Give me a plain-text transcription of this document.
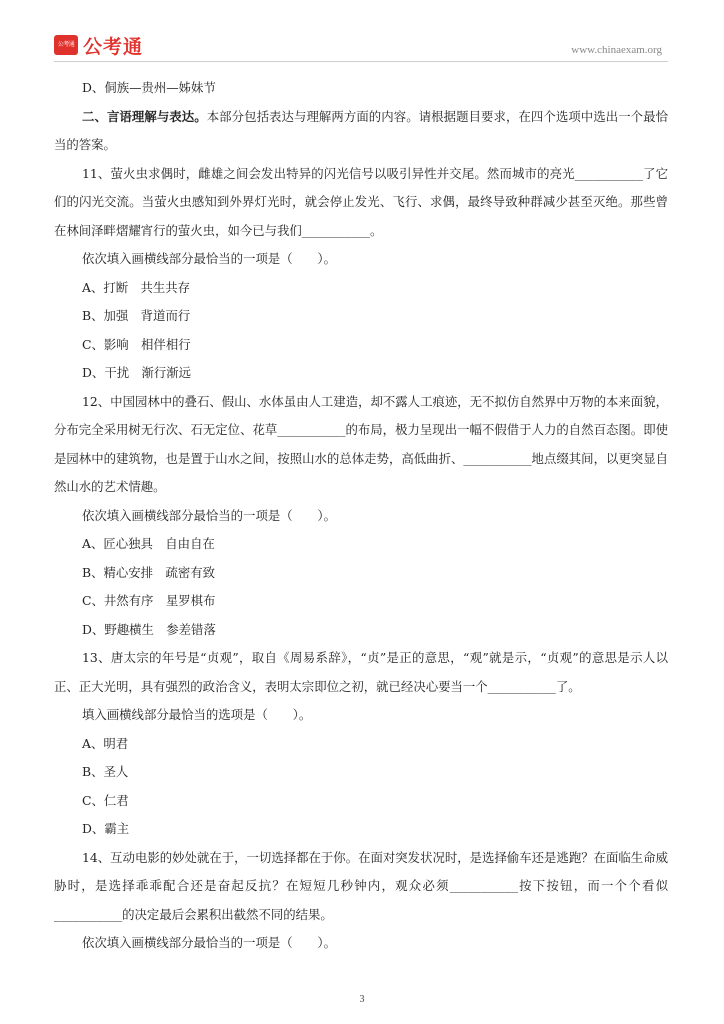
公考通 公考通	www.chinaexam.org

D、侗族—贵州—姊妹节

二、言语理解与表达。本部分包括表达与理解两方面的内容。请根据题目要求，在四个选项中选出一个最恰当的答案。

11、萤火虫求偶时，雌雄之间会发出特异的闪光信号以吸引异性并交尾。然而城市的亮光___________了它们的闪光交流。当萤火虫感知到外界灯光时，就会停止发光、飞行、求偶，最终导致种群减少甚至灭绝。那些曾在林间泽畔熠耀宵行的萤火虫，如今已与我们___________。

依次填入画横线部分最恰当的一项是（　　）。

A、打断　共生共存

B、加强　背道而行

C、影响　相伴相行

D、干扰　渐行渐远

12、中国园林中的叠石、假山、水体虽由人工建造，却不露人工痕迹，无不拟仿自然界中万物的本来面貌，分布完全采用树无行次、石无定位、花草___________的布局，极力呈现出一幅不假借于人力的自然百态图。即使是园林中的建筑物，也是置于山水之间，按照山水的总体走势，高低曲折、___________地点缀其间，以更突显自然山水的艺术情趣。

依次填入画横线部分最恰当的一项是（　　）。

A、匠心独具　自由自在

B、精心安排　疏密有致

C、井然有序　星罗棋布

D、野趣横生　参差错落

13、唐太宗的年号是“贞观”，取自《周易系辞》，“贞”是正的意思，“观”就是示，“贞观”的意思是示人以正、正大光明，具有强烈的政治含义，表明太宗即位之初，就已经决心要当一个___________了。

填入画横线部分最恰当的选项是（　　）。

A、明君

B、圣人

C、仁君

D、霸主

14、互动电影的妙处就在于，一切选择都在于你。在面对突发状况时，是选择偷车还是逃跑？在面临生命威胁时，是选择乖乖配合还是奋起反抗？在短短几秒钟内，观众必须___________按下按钮，而一个个看似___________的决定最后会累积出截然不同的结果。

依次填入画横线部分最恰当的一项是（　　）。

3
